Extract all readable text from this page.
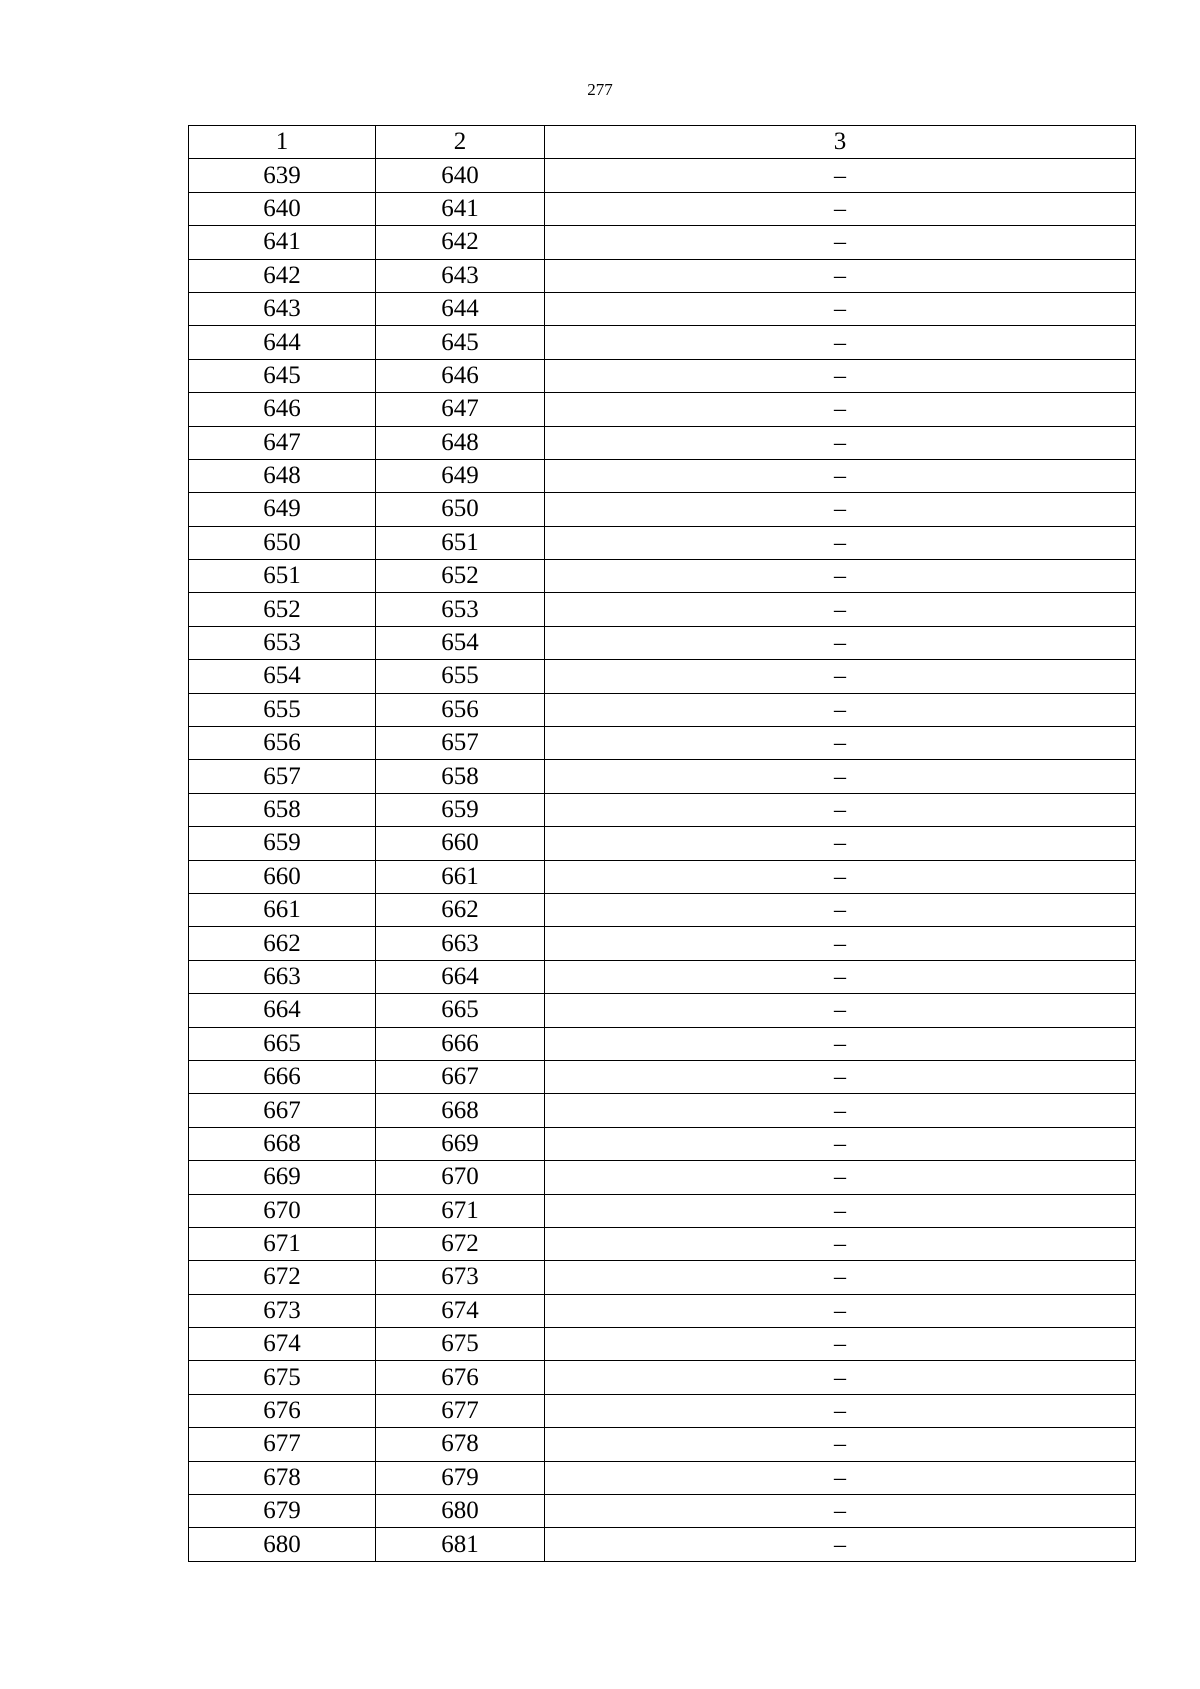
277
1	2	3
639	640	–
640	641	–
641	642	–
642	643	–
643	644	–
644	645	–
645	646	–
646	647	–
647	648	–
648	649	–
649	650	–
650	651	–
651	652	–
652	653	–
653	654	–
654	655	–
655	656	–
656	657	–
657	658	–
658	659	–
659	660	–
660	661	–
661	662	–
662	663	–
663	664	–
664	665	–
665	666	–
666	667	–
667	668	–
668	669	–
669	670	–
670	671	–
671	672	–
672	673	–
673	674	–
674	675	–
675	676	–
676	677	–
677	678	–
678	679	–
679	680	–
680	681	–
